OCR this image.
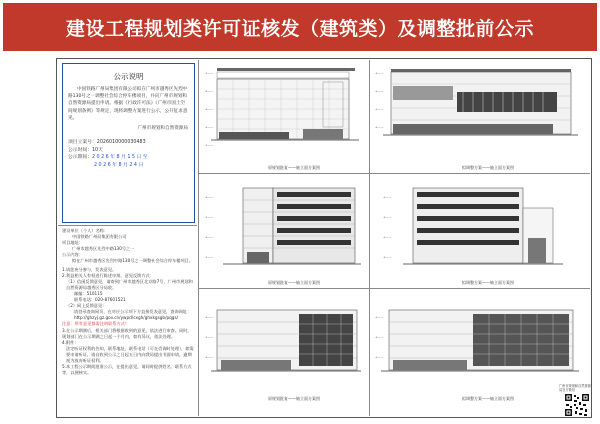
建设工程规划类许可证核发（建筑类）及调整批前公示
公示说明
中国铁路广州局集团有限公司拟在广州市越秀区先烈中路130号之一调整社会综合停车楼项目，并向广州市规划和自然资源局提出申请。根据《行政许可法》《广州市国土空间规划条例》等规定，现将调整方案进行公示，公开征求意见。
广州市规划和自然资源局
项目立案号：2026010000030483
公示时间：10天
公示期间：2026年8月15日至
2026年8月24日

建设单位（个人）名称：

中国铁路广州局集团有限公司

项目地址：

广州市越秀区先烈中路130号之一

公示内容：

拟在广州市越秀区先烈中路130号之一调整社会综合停车楼项目。

1.请您充分参与，发表意见。

2.利益相关人有权进行陈述申辩，意见反馈方式：

（1）信函反馈意见，请寄到广州市越秀区北京路7号，广州市规划和自然资源局越秀区分局收。

邮编：510115

联系电话：020-87601521

（2）网上反馈意见：

请登录查询网页，在对应公示项下方直接发表意见，查询网址：

http://ghzyj.gz.gov.cn/ywpd/cxgh/ghxkgsgb/pqgs/

注意：所有意见都需注明联系方式！

3.在公示期满后，相关部门将根据收到的意见，依法进行审查。同时，规划部门在公示期满之日起一个月内，如有异议，依法处理。

4.附件：

法定听证权利的告知，联系地址、联系电话（可在咨询时处理），如需要申请听证，请自收到公示之日起五日内向我局提出书面申请，逾期视为放弃听证权利。

5.本工程公示期间批准公示，在提出意见，请同时提供姓名、联系方式等，以便核实。

+——
+——
+——
+——
+——
原规划批复——轴立面方案图
+——
+——
+——
+——
拟调整方案——轴立面方案图
+——
+——
+——
+——
原规划批复——轴立面方案图
+——
+——
+——
+——
拟调整方案——轴立面方案图
+——
+——
+——
原规划批复——轴立面方案图
+——
+——
+——
拟调整方案——轴立面方案图
广州市规划和自然资源局官方微信
